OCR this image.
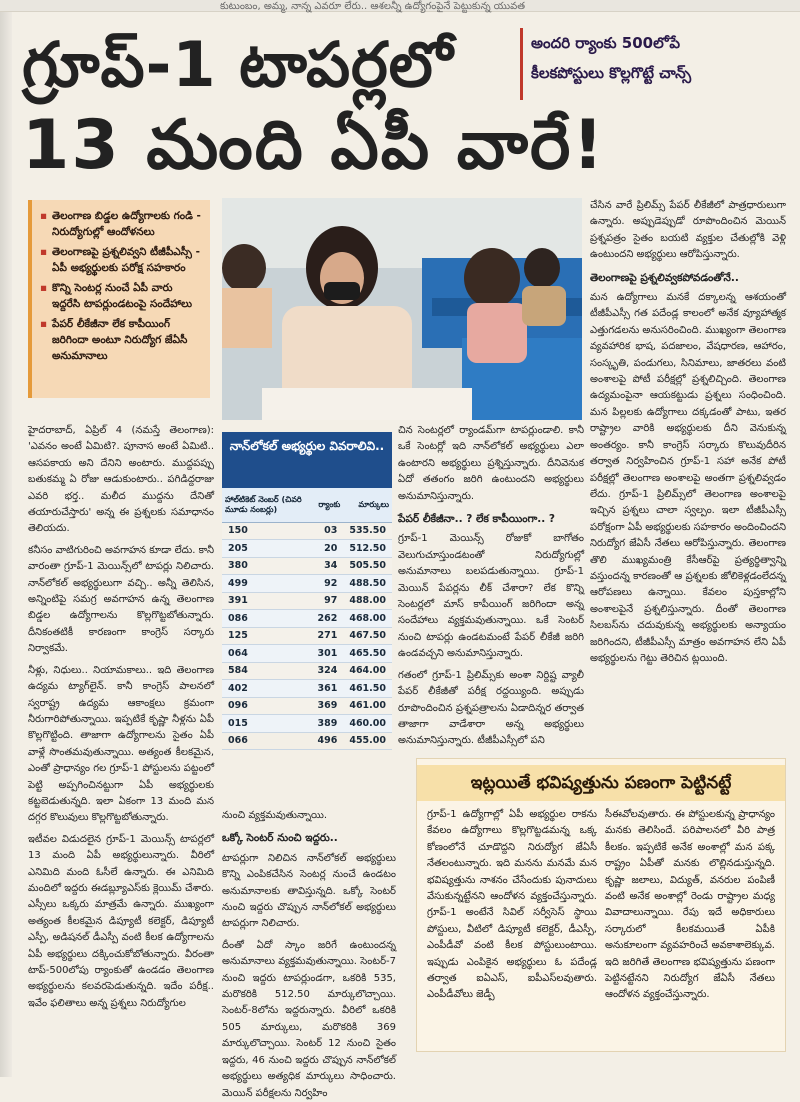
కుటుంబం, అమ్మ, నాన్న ఎవరూ లేరు.. ఆశలన్నీ ఉద్యోగంపైనే పెట్టుకున్న యువత
గ్రూప్-1 టాపర్లలో
13 మంది ఏపీ వారే!
అందరి ర్యాంకు 500లోపే
కీలకపోస్టులు కొల్లగొట్టే చాన్స్
▪ తెలంగాణ బిడ్డల ఉద్యోగాలకు గండి - నిరుద్యోగుల్లో ఆందోళనలు
▪ తెలంగాణపై ప్రశ్నలివ్వని టీజీపీఎస్సీ - ఏపీ అభ్యర్థులకు పరోక్ష సహకారం
▪ కొన్ని సెంటర్ల నుంచే ఏపీ వారు ఇద్దరేసి టాపర్లుండటంపై సందేహాలు
▪ పేపర్ లీకేజీనా లేక కాపీయింగ్ జరిగిందా అంటూ నిరుద్యోగ జేఏసీ అనుమానాలు

హైదరాబాద్, ఏప్రిల్ 4 (నమస్తే తెలంగాణ): 'ఎవనం అంటే ఏమిటి?. పూనాస అంటే ఏమిటి.. ఆసపకాయ అని దేనిని అంటారు. ముద్దపప్పు బతుకమ్మ ఏ రోజు ఆడుకుంటారు.. పగిడిద్దరాజు ఎవరి భర్త.. మలీద ముద్దను దేనితో తయారుచేస్తారు' అన్న ఈ ప్రశ్నలకు సమాధానం తెలియదు.

కనీసం వాటిగురించి అవగాహన కూడా లేదు. కానీ వారంతా గ్రూప్-1 మెయిన్స్‌లో టాపర్లు నిలిచారు. నాన్‌లోకల్ అభ్యర్థులుగా వచ్చి.. అన్నీ తెలిసిన, అన్నింటిపై సమగ్ర అవగాహన ఉన్న తెలంగాణ బిడ్డల ఉద్యోగాలను కొల్లగొట్టబోతున్నారు. దీనికంతటికీ కారణంగా కాంగ్రెస్ సర్కారు నిర్వాకమే.

నీళ్లు, నిధులు.. నియామకాలు.. ఇది తెలంగాణ ఉద్యమ ట్యాగ్‌లైన్. కానీ కాంగ్రెస్ పాలనలో స్వరాష్ట్ర ఉద్యమ ఆకాంక్షలు క్రమంగా నీరుగారిపోతున్నాయి. ఇప్పటికే కృష్ణా నీళ్లను ఏపీ కొల్లగొట్టింది. తాజాగా ఉద్యోగాలను సైతం ఏపీ వాళ్లే సొంతమవుతున్నాయి. అత్యంత కీలకమైన, ఎంతో ప్రాధాన్యం గల గ్రూప్-1 పోస్టులను పట్టంలో పెట్టి అప్పగించినట్టుగా ఏపీ అభ్యర్థులకు కట్టబెడుతున్నది. ఇలా ఏకంగా 13 మంది మన దగ్గర కొలువులు కొల్లగొట్టబోతున్నారు.

ఇటీవల విడుదలైన గ్రూప్-1 మెయిన్స్ టాపర్లలో 13 మంది ఏపీ అభ్యర్థులున్నారు. వీరిలో ఎనిమిది మంది ఓసీలే ఉన్నారు. ఈ ఎనిమిది మందిలో ఇద్దరు ఈడబ్ల్యూఎస్‌కు క్లెయిమ్ చేశారు. ఎస్సీలు ఒక్కరు మాత్రమే ఉన్నారు. ముఖ్యంగా అత్యంత కీలకమైన డిప్యూటీ కలెక్టర్, డిప్యూటీ ఎస్పీ, అడిషనల్ డీఎస్పీ వంటి కీలక ఉద్యోగాలను ఏపీ అభ్యర్థులు దక్కించుకోబోతున్నారు. వీరంతా టాప్-500లోపు ర్యాంకుతో ఉండడం తెలంగాణ అభ్యర్థులను కలవరపెడుతున్నది. ఇదేం పరీక్ష.. ఇవేం ఫలితాలు అన్న ప్రశ్నలు నిరుద్యోగుల

నాన్‌లోకల్ అభ్యర్థుల వివరాలివి..
హాల్‌టికెట్ నెంబర్ (చివరి మూడు నంబర్లు)	ర్యాంకు	మార్కులు
150	03	535.50
205	20	512.50
380	34	505.50
499	92	488.50
391	97	488.00
086	262	468.00
125	271	467.50
064	301	465.50
584	324	464.00
402	361	461.50
096	369	461.00
015	389	460.00
066	496	455.00

నుంచి వ్యక్తమవుతున్నాయి.

ఒక్కో సెంటర్ నుంచి ఇద్దరు..

టాపర్లుగా నిలిచిన నాన్‌లోకల్ అభ్యర్థులు కొన్ని ఎంపికచేసిన సెంటర్ల నుంచే ఉండటం అనుమానాలకు తావిస్తున్నది. ఒక్కో సెంటర్ నుంచి ఇద్దరు చొప్పున నాన్‌లోకల్ అభ్యర్థులు టాపర్లుగా నిలిచారు.

దీంతో ఏదో స్కాం జరిగే ఉంటుందన్న అనుమానాలు వ్యక్తమవుతున్నాయి. సెంటర్-7 నుంచి ఇద్దరు టాపర్లుండగా, ఒకరికి 535, మరొకరికి 512.50 మార్కులొచ్చాయి. సెంటర్-8లోను ఇద్దరున్నారు. వీరిలో ఒకరికి 505 మార్కులు, మరొకరికి 369 మార్కులొచ్చాయి. సెంటర్ 12 నుంచి సైతం ఇద్దరు, 46 నుంచి ఇద్దరు చొప్పున నాన్‌లోకల్ అభ్యర్థులు అత్యధిక మార్కులు సాధించారు. మెయిన్ పరీక్షలను నిర్వహిం

చిన సెంటర్లలో ర్యాండమ్‌గా టాపర్లుండాలి. కానీ ఒకే సెంటర్లో ఇది నాన్‌లోకల్ అభ్యర్థులు ఎలా ఉంటారని అభ్యర్థులు ప్రశ్నిస్తున్నారు. దీనివెనుక ఏదో తతంగం జరిగి ఉంటుందని అభ్యర్థులు అనుమానిస్తున్నారు.

పేపర్ లీకేజీనా.. ? లేక కాపీయింగా.. ?

గ్రూప్-1 మెయిన్స్ రోజుకో బాగోతం వెలుగుచూస్తుండటంతో నిరుద్యోగుల్లో అనుమానాలు బలపడుతున్నాయి. గ్రూప్-1 మెయిన్ పేపర్లను లీక్ చేశారా? లేక కొన్ని సెంటర్లలో మాస్ కాపీయింగ్ జరిగిందా అన్న సందేహాలు వ్యక్తమవుతున్నాయి. ఒకే సెంటర్ నుంచి టాపర్లు ఉండటమంటే పేపర్ లీకేజీ జరిగి ఉండవచ్చని అనుమానిస్తున్నారు.

గతంలో గ్రూప్-1 ప్రిలిమ్స్‌కు అంశా నిర్దిష్ట వ్యాలీ పేపర్ లీకేజీతో పరీక్ష రద్దయ్యింది. అప్పుడు రూపొందించిన ప్రశ్నపత్రాలను ఏడాదిన్నర తర్వాత తాజాగా వాడేశారా అన్న అభ్యర్థులు అనుమానిస్తున్నారు. టీజీపీఎస్సీలో పని

చేసిన వారే ప్రిలిమ్స్ పేపర్ లీకేజీలో పాత్రధారులుగా ఉన్నారు. అప్పుడెప్పుడో రూపొందించిన మెయిన్ ప్రశ్నపత్రం సైతం బయటి వ్యక్తుల చేతుల్లోకి వెళ్లి ఉంటుందని అభ్యర్థులు ఆరోపిస్తున్నారు.

తెలంగాణపై ప్రశ్నలివ్వకపోవడంతోనే..

మన ఉద్యోగాలు మనకే దక్కాలన్న ఆశయంతో టీజీపీఎస్సీ గత పదేండ్ల కాలంలో అనేక వ్యూహాత్మక ఎత్తుగడలను అనుసరించింది. ముఖ్యంగా తెలంగాణ వ్యవహారిక భాష, పదజాలం, వేషధారణ, ఆహారం, సంస్కృతి, పండుగలు, సినిమాలు, జాతరలు వంటి అంశాలపై పోటీ పరీక్షల్లో ప్రశ్నలిచ్చింది. తెలంగాణ ఉద్యమంపైనా ఆయకట్టుడు ప్రశ్నలు సంధించింది. మన పిల్లలకు ఉద్యోగాలు దక్కడంతో పాటు, ఇతర రాష్ట్రాల వారికి అభ్యర్థులకు దీని వెనుకున్న అంతర్యం. కానీ కాంగ్రెస్ సర్కారు కొలువుదీరిన తర్వాత నిర్వహించిన గ్రూప్-1 సహా అనేక పోటీ పరీక్షల్లో తెలంగాణ అంశాలపై అంతగా ప్రశ్నలివ్వడం లేదు. గ్రూప్-1 ప్రిలిమ్స్‌లో తెలంగాణ అంశాలపై ఇచ్చిన ప్రశ్నలు చాలా స్వల్పం. ఇలా టీజీపీఎస్సీ పరోక్షంగా ఏపీ అభ్యర్థులకు సహకారం అందించిందని నిరుద్యోగ జేఏసీ నేతలు ఆరోపిస్తున్నారు. తెలంగాణ తొలి ముఖ్యమంత్రి కేసీఆర్‌పై ప్రత్యర్థిత్వాన్ని వస్తుందన్న కారణంతో ఆ ప్రశ్నలకు జోలికెళ్లడంలేదన్న ఆరోపణలు ఉన్నాయి. కేవలం పుస్తకాల్లోని అంశాలపైనే ప్రశ్నలిస్తున్నారు. దీంతో తెలంగాణ సిలబస్‌ను చదువుకున్న అభ్యర్థులకు అన్యాయం జరిగిందని, టీజీపీఎస్సీ మాత్రం అవగాహన లేని ఏపీ అభ్యర్థులను గెట్టు తెరిచిన ట్లయింది.

ఇట్లయితే భవిష్యత్తును పణంగా పెట్టినట్టే

గ్రూప్-1 ఉద్యోగాల్లో ఏపీ అభ్యర్థుల రాకను కేవలం ఉద్యోగాలు కొల్లగొట్టడమన్న ఒక్క కోణంలోనే చూడొద్దని నిరుద్యోగ జేఏసీ నేతలంటున్నారు. ఇది మనను మనమే మన భవిష్యత్తును నాశనం చేసేందుకు పునాదులు వేసుకున్నట్టేనని ఆందోళన వ్యక్తంచేస్తున్నారు. గ్రూప్-1 అంటేనే సివిల్ సర్వీసెస్ స్థాయి పోస్టులు, వీటిలో డిప్యూటీ కలెక్టర్, డీఎస్పీ, ఎంపీడీవో వంటి కీలక పోస్టులుంటాయి. ఇప్పుడు ఎంపికైన అభ్యర్థులు ఓ పదేండ్ల తర్వాత ఐఏఎస్, ఐపీఎస్‌లవుతారు. ఎంపీడీవోలు జెడ్పీ

సీఈవోలవుతారు. ఈ పోస్టులకున్న ప్రాధాన్యం మనకు తెలిసిందే. పరిపాలనలో వీరి పాత్ర కీలకం. ఇప్పటికే అనేక అంశాల్లో మన పక్క రాష్ట్రం ఏపీతో మనకు లొల్లినడుస్తున్నది. కృష్ణా జలాలు, విద్యుత్, వనరుల పంపిణీ వంటి అనేక అంశాల్లో రెండు రాష్ట్రాల మధ్య వివాదాలున్నాయి. రేపు ఇదే అధికారులు సర్కారులో కీలకమయితే ఏపీకి అనుకూలంగా వ్యవహరించే అవకాశాలెక్కువ. ఇది జరిగితే తెలంగాణ భవిష్యత్తును పణంగా పెట్టినట్టేనని నిరుద్యోగ జేఏసీ నేతలు ఆందోళన వ్యక్తంచేస్తున్నారు.
